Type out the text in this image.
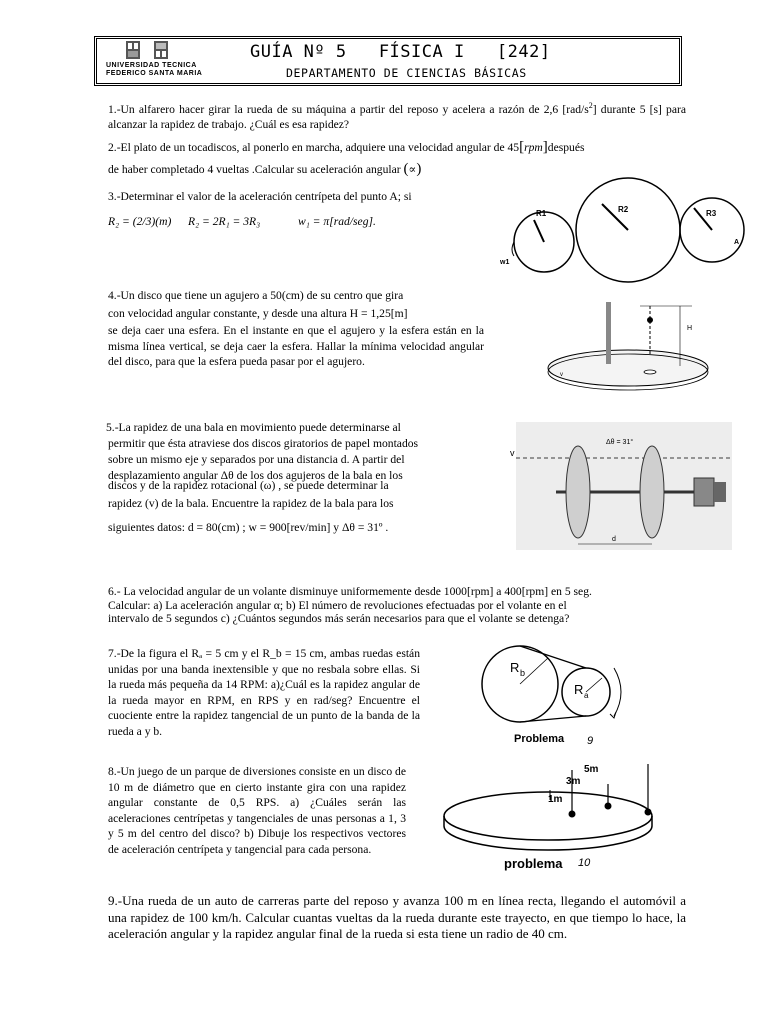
UNIVERSIDAD TECNICA
FEDERICO SANTA MARIA
GUÍA Nº 5   FÍSICA I   [242]
DEPARTAMENTO DE CIENCIAS BÁSICAS
1.-Un alfarero hacer girar la rueda de su máquina a partir del reposo y acelera a razón de 2,6 $[rad/s^2]$ durante 5 [s] para alcanzar la rapidez de trabajo. ¿Cuál es esa rapidez?
2.-El plato de un tocadiscos, al ponerlo en marcha, adquiere una velocidad angular de 45[rpm]después
de haber completado 4 vueltas .Calcular su aceleración angular (∝)
3.-Determinar el valor de la aceleración centrípeta del punto A; si
R₂ = (2/3)(m)	R₂ = 2R₁ = 3R₃	w₁ = π[rad/seg].
R1	R2	R3
w1
A
4.-Un disco que tiene un agujero a 50(cm) de su centro que gira
con velocidad angular constante, y desde una altura H = 1,25[m]
se deja caer una esfera. En el instante en que el agujero y la esfera están en la misma línea vertical, se deja caer la esfera. Hallar la mínima velocidad angular del disco, para que la esfera pueda pasar por el agujero.
H
v
5.-La rapidez de una bala en movimiento puede determinarse al
permitir que ésta atraviese dos discos giratorios de papel montados
sobre un mismo eje y separados por una distancia d. A partir del
desplazamiento angular Δθ de los dos agujeros de la bala en los
discos y de la rapidez rotacional (ω) , se puede determinar la
rapidez (v) de la bala. Encuentre la rapidez de la bala para los
siguientes datos: d = 80(cm) ; w = 900[rev/min] y Δθ = 31º .
v
Δθ = 31°
d
6.- La velocidad angular de un volante disminuye uniformemente desde 1000[rpm] a 400[rpm] en 5 seg.
Calcular: a) La aceleración angular α; b) El número de revoluciones efectuadas por el volante en el
intervalo de 5 segundos c) ¿Cuántos segundos más serán necesarios para que el volante se detenga?
7.-De la figura el Rₐ = 5 cm y el R_b = 15 cm, ambas ruedas están unidas por una banda inextensible y que no resbala sobre ellas. Si la rueda más pequeña da 14 RPM: a)¿Cuál es la rapidez angular de la rueda mayor en RPM, en RPS y en rad/seg? Encuentre el cuociente entre la rapidez tangencial de un punto de la banda de la rueda a y b.
R b
R a
Problema 9
8.-Un juego de un parque de diversiones consiste en un disco de 10 m de diámetro que en cierto instante gira con una rapidez angular constante de 0,5 RPS. a) ¿Cuáles serán las aceleraciones centrípetas y tangenciales de unas personas a 1, 3 y 5 m del centro del disco? b) Dibuje los respectivos vectores de aceleración centrípeta y tangencial para cada persona.
5m
3m
1m
problema 10
9.-Una rueda de un auto de carreras parte del reposo y avanza 100 m en línea recta, llegando el automóvil a una rapidez de 100 km/h. Calcular cuantas vueltas da la rueda durante este trayecto, en que tiempo lo hace, la aceleración angular y la rapidez angular final de la rueda si esta tiene un radio de 40 cm.
